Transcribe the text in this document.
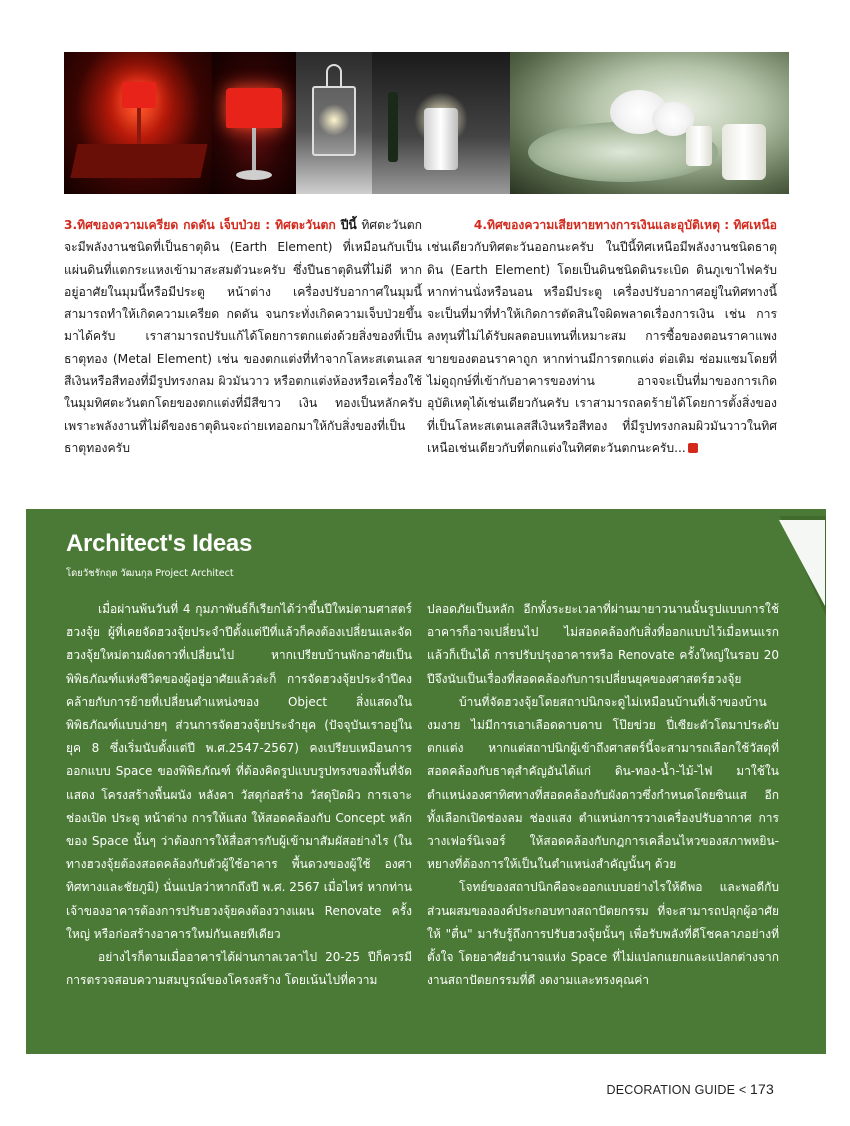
3.ทิศของความเครียด กดดัน เจ็บป่วย : ทิศตะวันตก ปีนี้ ทิศตะวันตกจะมีพลังงานชนิดที่เป็นธาตุดิน (Earth Element) ที่เหมือนกับเป็นแผ่นดินที่แตกระแหงเข้ามาสะสมตัวนะครับ ซึ่งปีนธาตุดินที่ไม่ดี หากอยู่อาศัยในมุมนี้หรือมีประตู หน้าต่าง เครื่องปรับอากาศในมุมนี้สามารถทำให้เกิดความเครียด กดดัน จนกระทั่งเกิดความเจ็บป่วยขึ้นมาได้ครับ เราสามารถปรับแก้ได้โดยการตกแต่งด้วยสิ่งของที่เป็นธาตุทอง (Metal Element) เช่น ของตกแต่งที่ทำจากโลหะสเตนเลสสีเงินหรือสีทองที่มีรูปทรงกลม ผิวมันวาว หรือตกแต่งห้องหรือเครื่องใช้ในมุมทิศตะวันตกโดยของตกแต่งที่มีสีขาว เงิน ทองเป็นหลักครับ เพราะพลังงานที่ไม่ดีของธาตุดินจะถ่ายเทออกมาให้กับสิ่งของที่เป็นธาตุทองครับ
4.ทิศของความเสียหายทางการเงินและอุบัติเหตุ : ทิศเหนือ
เช่นเดียวกับทิศตะวันออกนะครับ ในปีนี้ทิศเหนือมีพลังงานชนิดธาตุดิน (Earth Element) โดยเป็นดินชนิดดินระเบิด ดินภูเขาไฟครับ หากท่านนั่งหรือนอน หรือมีประตู เครื่องปรับอากาศอยู่ในทิศทางนี้ จะเป็นที่มาที่ทำให้เกิดการตัดสินใจผิดพลาดเรื่องการเงิน เช่น การลงทุนที่ไม่ได้รับผลตอบแทนที่เหมาะสม การซื้อของตอนราคาแพง ขายของตอนราคาถูก หากท่านมีการตกแต่ง ต่อเติม ซ่อมแซมโดยที่ไม่ดูฤกษ์ที่เข้ากับอาคารของท่าน อาจจะเป็นที่มาของการเกิดอุบัติเหตุได้เช่นเดียวกันครับ เราสามารถลดร้ายได้โดยการตั้งสิ่งของที่เป็นโลหะสเตนเลสสีเงินหรือสีทอง ที่มีรูปทรงกลมผิวมันวาวในทิศเหนือเช่นเดียวกับที่ตกแต่งในทิศตะวันตกนะครับ...
Architect's Ideas
โดยวัชรักฤต วัฒนกุล Project Architect

เมื่อผ่านพ้นวันที่ 4 กุมภาพันธ์ก็เรียกได้ว่าขึ้นปีใหม่ตามศาสตร์ฮวงจุ้ย ผู้ที่เคยจัดฮวงจุ้ยประจำปีตั้งแต่ปีที่แล้วก็คงต้องเปลี่ยนและจัดฮวงจุ้ยใหม่ตามผังดาวที่เปลี่ยนไป หากเปรียบบ้านพักอาศัยเป็นพิพิธภัณฑ์แห่งชีวิตของผู้อยู่อาศัยแล้วล่ะก็ การจัดฮวงจุ้ยประจำปีคงคล้ายกับการย้ายที่เปลี่ยนตำแหน่งของ Object สิ่งแสดงในพิพิธภัณฑ์แบบง่ายๆ ส่วนการจัดฮวงจุ้ยประจำยุค (ปัจจุบันเราอยู่ในยุค 8 ซึ่งเริ่มนับตั้งแต่ปี พ.ศ.2547-2567) คงเปรียบเหมือนการออกแบบ Space ของพิพิธภัณฑ์ ที่ต้องคิดรูปแบบรูปทรงของพื้นที่จัดแสดง โครงสร้างพื้นผนัง หลังคา วัสดุก่อสร้าง วัสดุปิดผิว การเจาะช่องเปิด ประตู หน้าต่าง การให้แสง ให้สอดคล้องกับ Concept หลักของ Space นั้นๆ ว่าต้องการให้สื่อสารกับผู้เข้ามาสัมผัสอย่างไร (ในทางฮวงจุ้ยต้องสอดคล้องกับตัวผู้ใช้อาคาร พื้นดวงของผู้ใช้ องศาทิศทางและชัยภูมิ) นั่นแปลว่าหากถึงปี พ.ศ. 2567 เมื่อไหร่ หากท่านเจ้าของอาคารต้องการปรับฮวงจุ้ยคงต้องวางแผน Renovate ครั้งใหญ่ หรือก่อสร้างอาคารใหม่กันเลยทีเดียว

อย่างไรก็ตามเมื่ออาคารได้ผ่านกาลเวลาไป 20-25 ปีก็ควรมีการตรวจสอบความสมบูรณ์ของโครงสร้าง โดยเน้นไปที่ความ

ปลอดภัยเป็นหลัก อีกทั้งระยะเวลาที่ผ่านมายาวนานนั้นรูปแบบการใช้อาคารก็อาจเปลี่ยนไป ไม่สอดคล้องกับสิ่งที่ออกแบบไว้เมื่อหนแรก แล้วก็เป็นได้ การปรับปรุงอาคารหรือ Renovate ครั้งใหญ่ในรอบ 20 ปีจึงนับเป็นเรื่องที่สอดคล้องกับการเปลี่ยนยุคของศาสตร์ฮวงจุ้ย

บ้านที่จัดฮวงจุ้ยโดยสถาปนิกจะดูไม่เหมือนบ้านที่เจ้าของบ้านงมงาย ไม่มีการเอาเลือดดาบดาบ โป๊ยข่วย ปี่เซียะตัวโตมาประดับตกแต่ง หากแต่สถาปนิกผู้เข้าถึงศาสตร์นี้จะสามารถเลือกใช้วัสดุที่สอดคล้องกับธาตุสำคัญอันได้แก่ ดิน-ทอง-น้ำ-ไม้-ไฟ มาใช้ในตำแหน่งองศาทิศทางที่สอดคล้องกับผังดาวซึ่งกำหนดโดยซินแส อีกทั้งเลือกเปิดช่องลม ช่องแสง ตำแหน่งการวางเครื่องปรับอากาศ การวางเฟอร์นิเจอร์ ให้สอดคล้องกับกฎการเคลื่อนไหวของสภาพหยิน-หยางที่ต้องการให้เป็นในตำแหน่งสำคัญนั้นๆ ด้วย

โจทย์ของสถาปนิกคือจะออกแบบอย่างไรให้ดีพอ และพอดีกับส่วนผสมขององค์ประกอบทางสถาปัตยกรรม ที่จะสามารถปลุกผู้อาศัยให้ "ตื่น" มารับรู้ถึงการปรับฮวงจุ้ยนั้นๆ เพื่อรับพลังที่ดีโชคลาภอย่างที่ตั้งใจ โดยอาศัยอำนาจแห่ง Space ที่ไม่แปลกแยกและแปลกต่างจากงานสถาปัตยกรรมที่ดี งดงามและทรงคุณค่า

DECORATION GUIDE < 173
